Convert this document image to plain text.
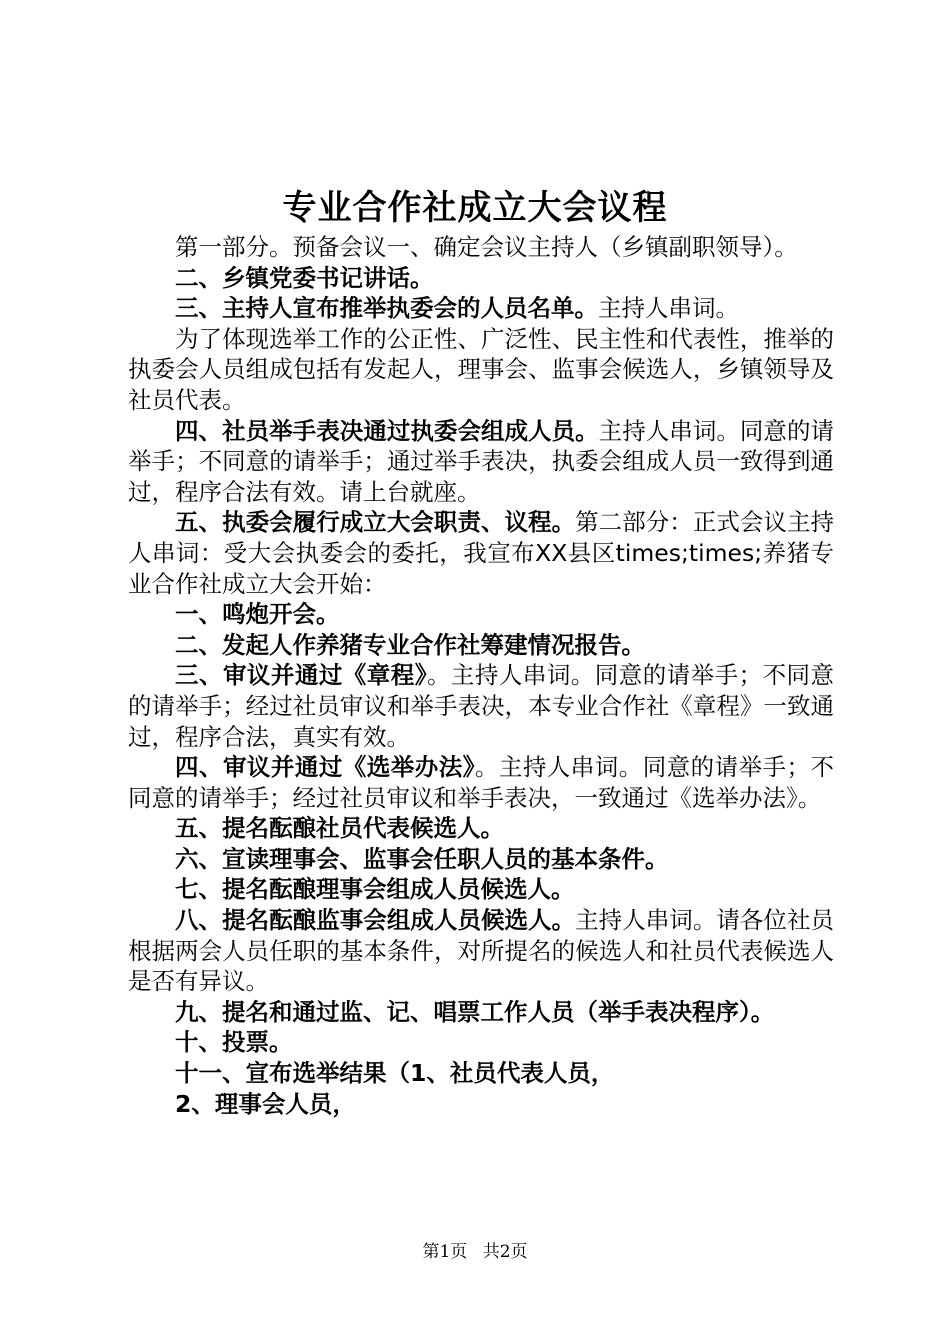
专业合作社成立大会议程

第一部分。预备会议一、确定会议主持人（乡镇副职领导）。

二、乡镇党委书记讲话。

三、主持人宣布推举执委会的人员名单。主持人串词。

为了体现选举工作的公正性、广泛性、民主性和代表性，推举的执委会人员组成包括有发起人，理事会、监事会候选人，乡镇领导及社员代表。

四、社员举手表决通过执委会组成人员。主持人串词。同意的请举手；不同意的请举手；通过举手表决，执委会组成人员一致得到通过，程序合法有效。请上台就座。

五、执委会履行成立大会职责、议程。第二部分：正式会议主持人串词：受大会执委会的委托，我宣布XX县区times;times;养猪专业合作社成立大会开始：

一、鸣炮开会。

二、发起人作养猪专业合作社筹建情况报告。

三、审议并通过《章程》。主持人串词。同意的请举手；不同意的请举手；经过社员审议和举手表决，本专业合作社《章程》一致通过，程序合法，真实有效。

四、审议并通过《选举办法》。主持人串词。同意的请举手；不同意的请举手；经过社员审议和举手表决，一致通过《选举办法》。

五、提名酝酿社员代表候选人。

六、宣读理事会、监事会任职人员的基本条件。

七、提名酝酿理事会组成人员候选人。

八、提名酝酿监事会组成人员候选人。主持人串词。请各位社员根据两会人员任职的基本条件，对所提名的候选人和社员代表候选人是否有异议。

九、提名和通过监、记、唱票工作人员（举手表决程序）。

十、投票。

十一、宣布选举结果（1、社员代表人员，

2、理事会人员，

第1页 共2页
